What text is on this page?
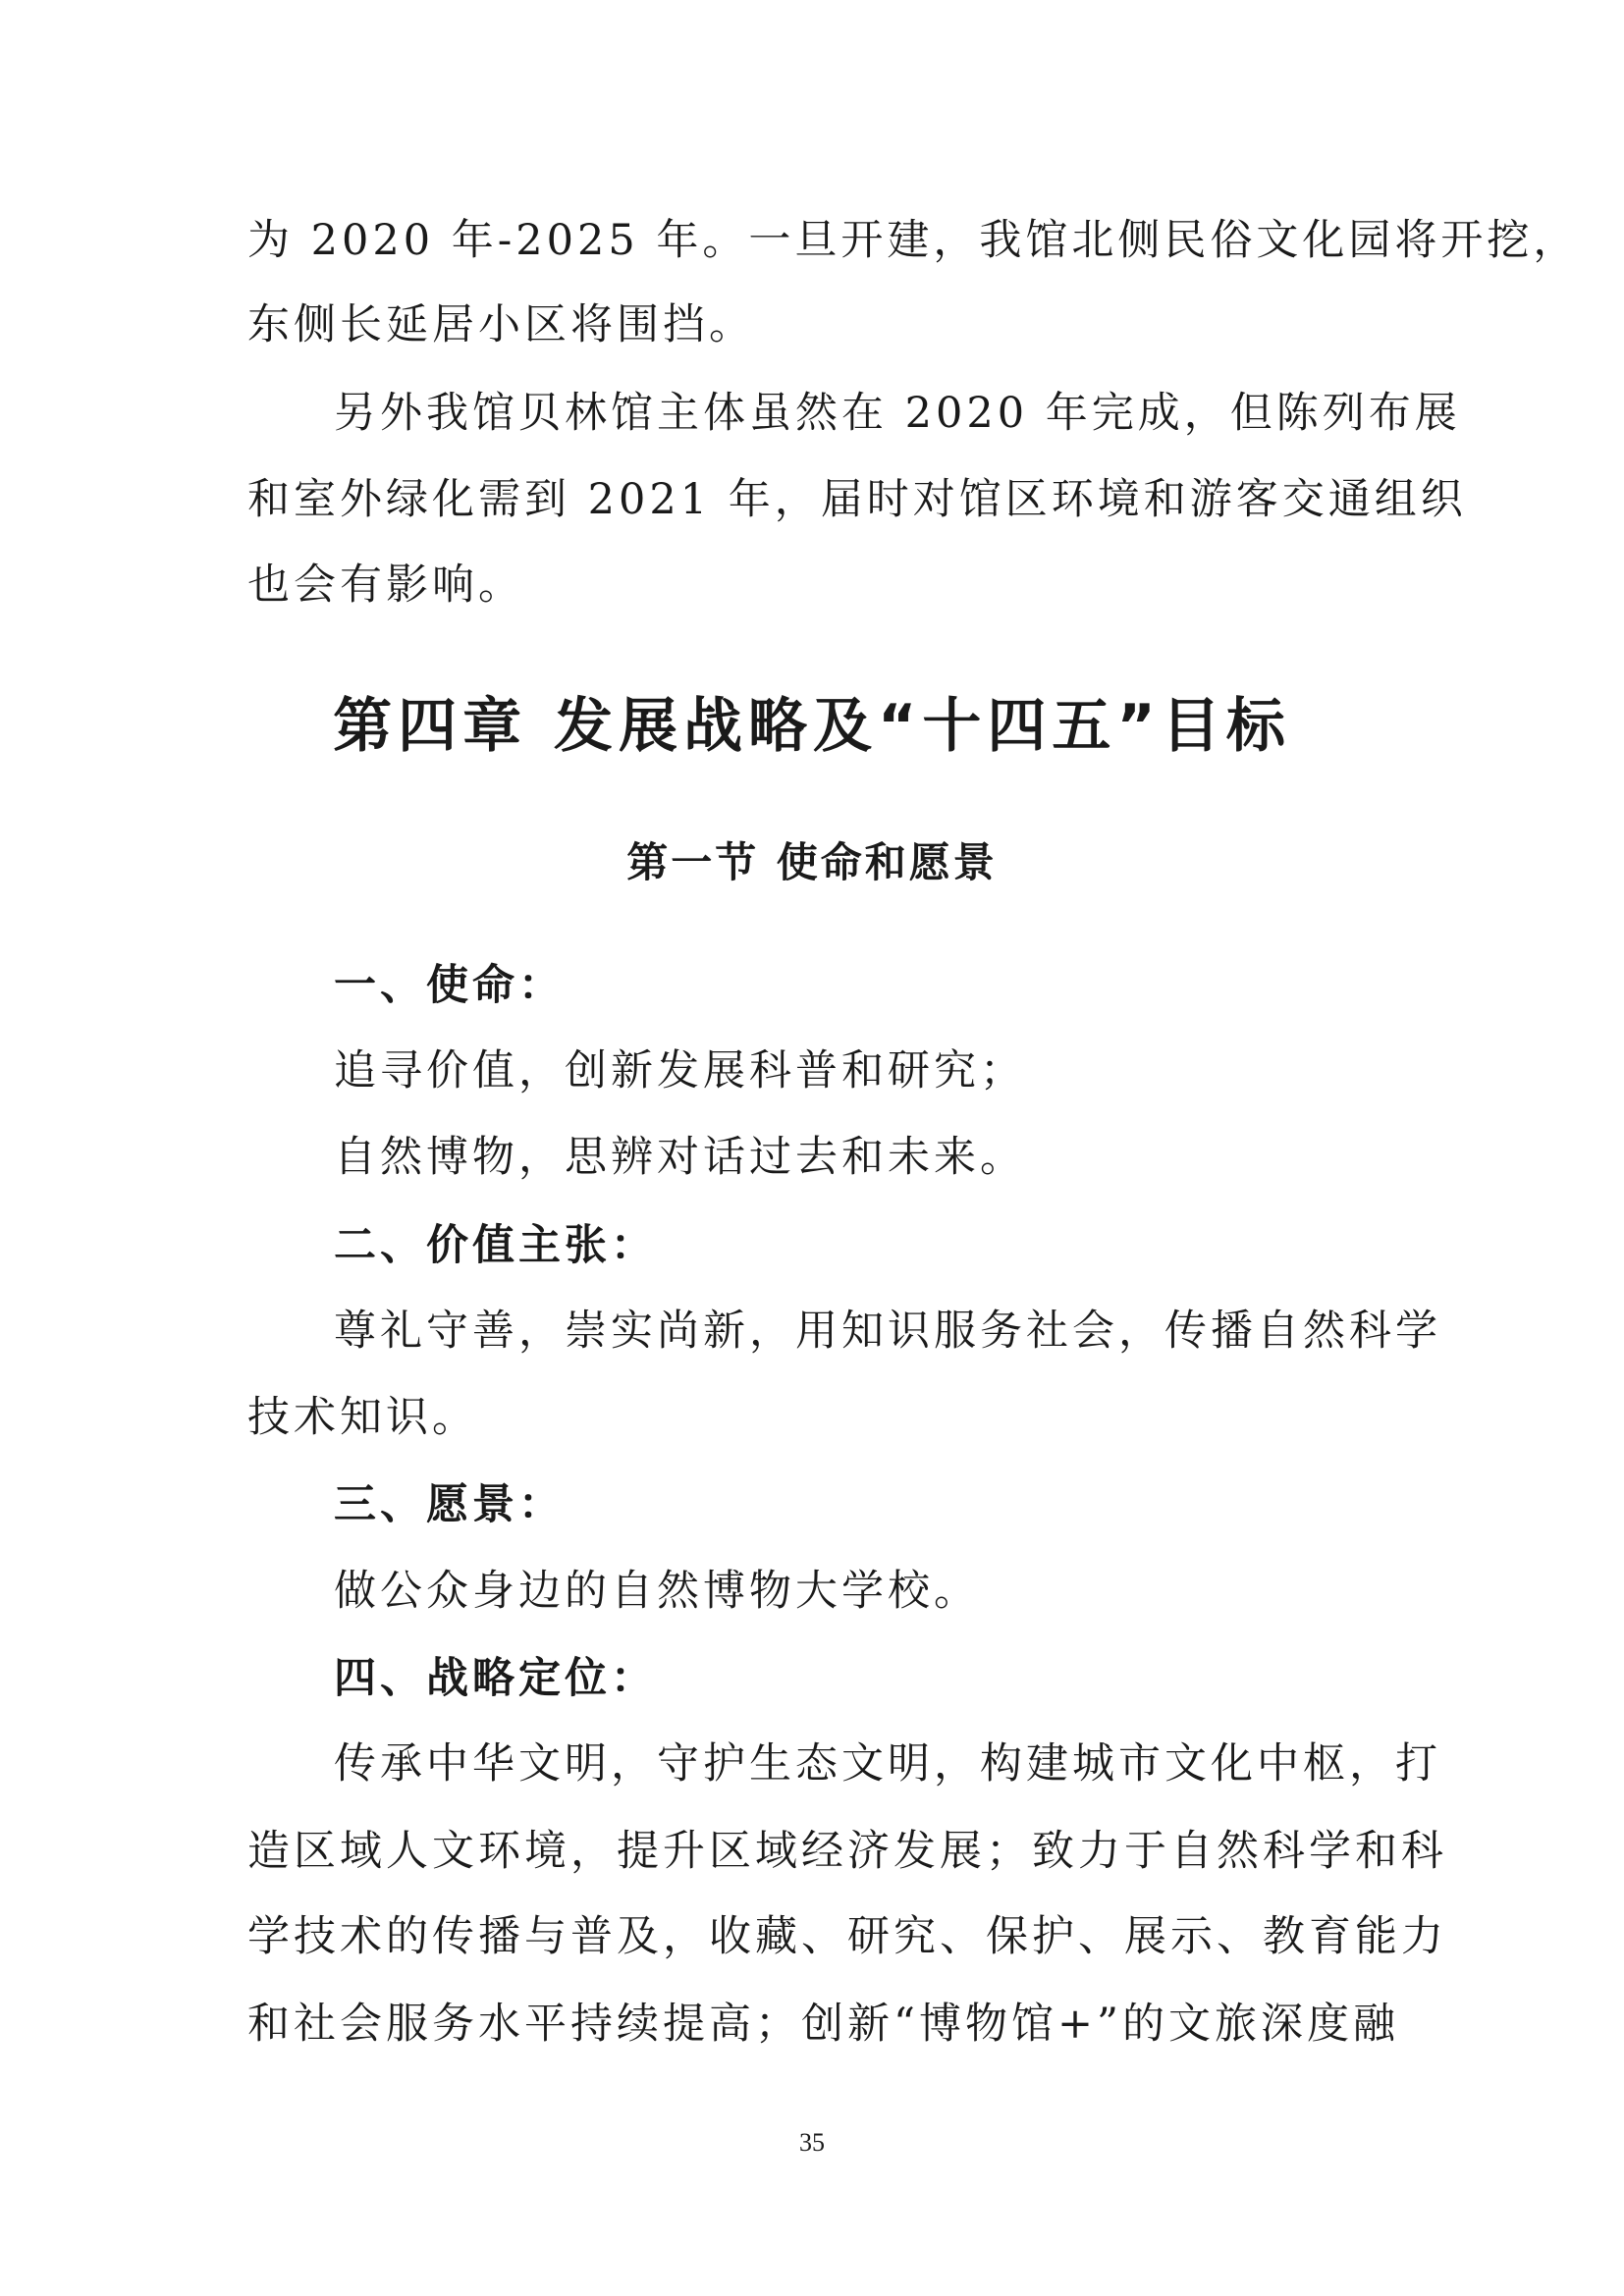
为 2020 年-2025 年。一旦开建，我馆北侧民俗文化园将开挖，
东侧长延居小区将围挡。
另外我馆贝林馆主体虽然在 2020 年完成，但陈列布展
和室外绿化需到 2021 年，届时对馆区环境和游客交通组织
也会有影响。
第四章 发展战略及“十四五”目标
第一节 使命和愿景
一、使命：
追寻价值，创新发展科普和研究；
自然博物，思辨对话过去和未来。
二、价值主张：
尊礼守善，崇实尚新，用知识服务社会，传播自然科学
技术知识。
三、愿景：
做公众身边的自然博物大学校。
四、战略定位：
传承中华文明，守护生态文明，构建城市文化中枢，打
造区域人文环境，提升区域经济发展；致力于自然科学和科
学技术的传播与普及，收藏、研究、保护、展示、教育能力
和社会服务水平持续提高；创新“博物馆+”的文旅深度融
35
